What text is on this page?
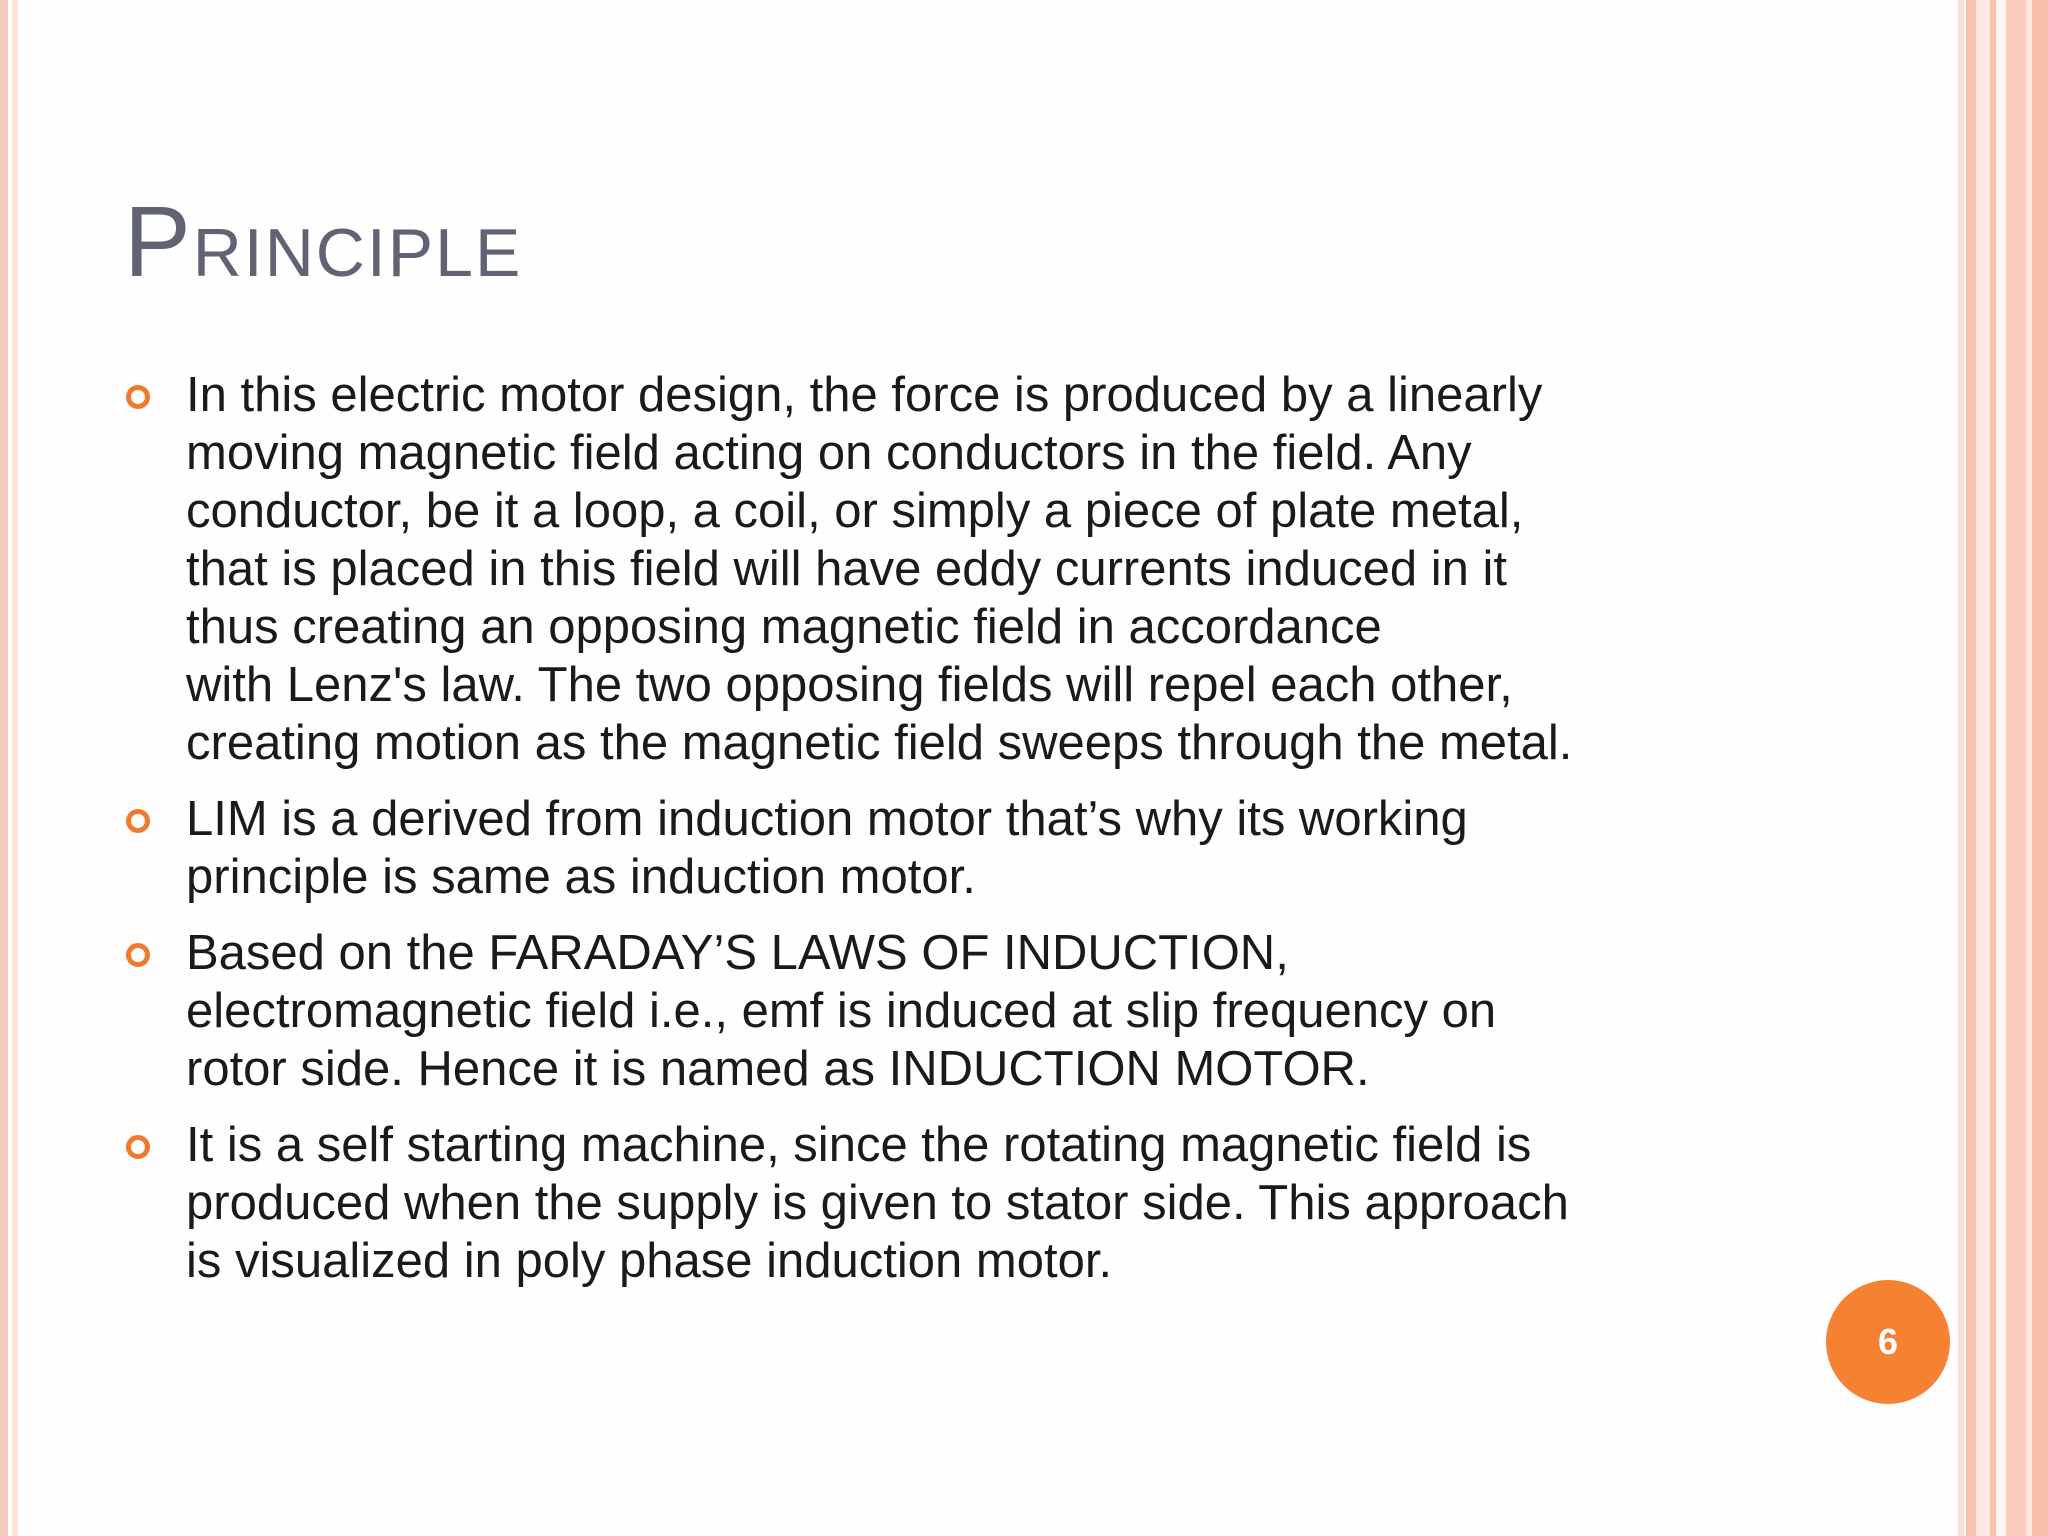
PRINCIPLE
In this electric motor design, the force is produced by a linearly
moving magnetic field acting on conductors in the field. Any
conductor, be it a loop, a coil, or simply a piece of plate metal,
that is placed in this field will have eddy currents induced in it
thus creating an opposing magnetic field in accordance
with Lenz's law. The two opposing fields will repel each other,
creating motion as the magnetic field sweeps through the metal.
LIM is a derived from induction motor that’s why its working
principle is same as induction motor.
Based on the FARADAY’S LAWS OF INDUCTION,
electromagnetic field i.e., emf is induced at slip frequency on
rotor side. Hence it is named as INDUCTION MOTOR.
It is a self starting machine, since the rotating magnetic field is
produced when the supply is given to stator side. This approach
is visualized in poly phase induction motor.
6
